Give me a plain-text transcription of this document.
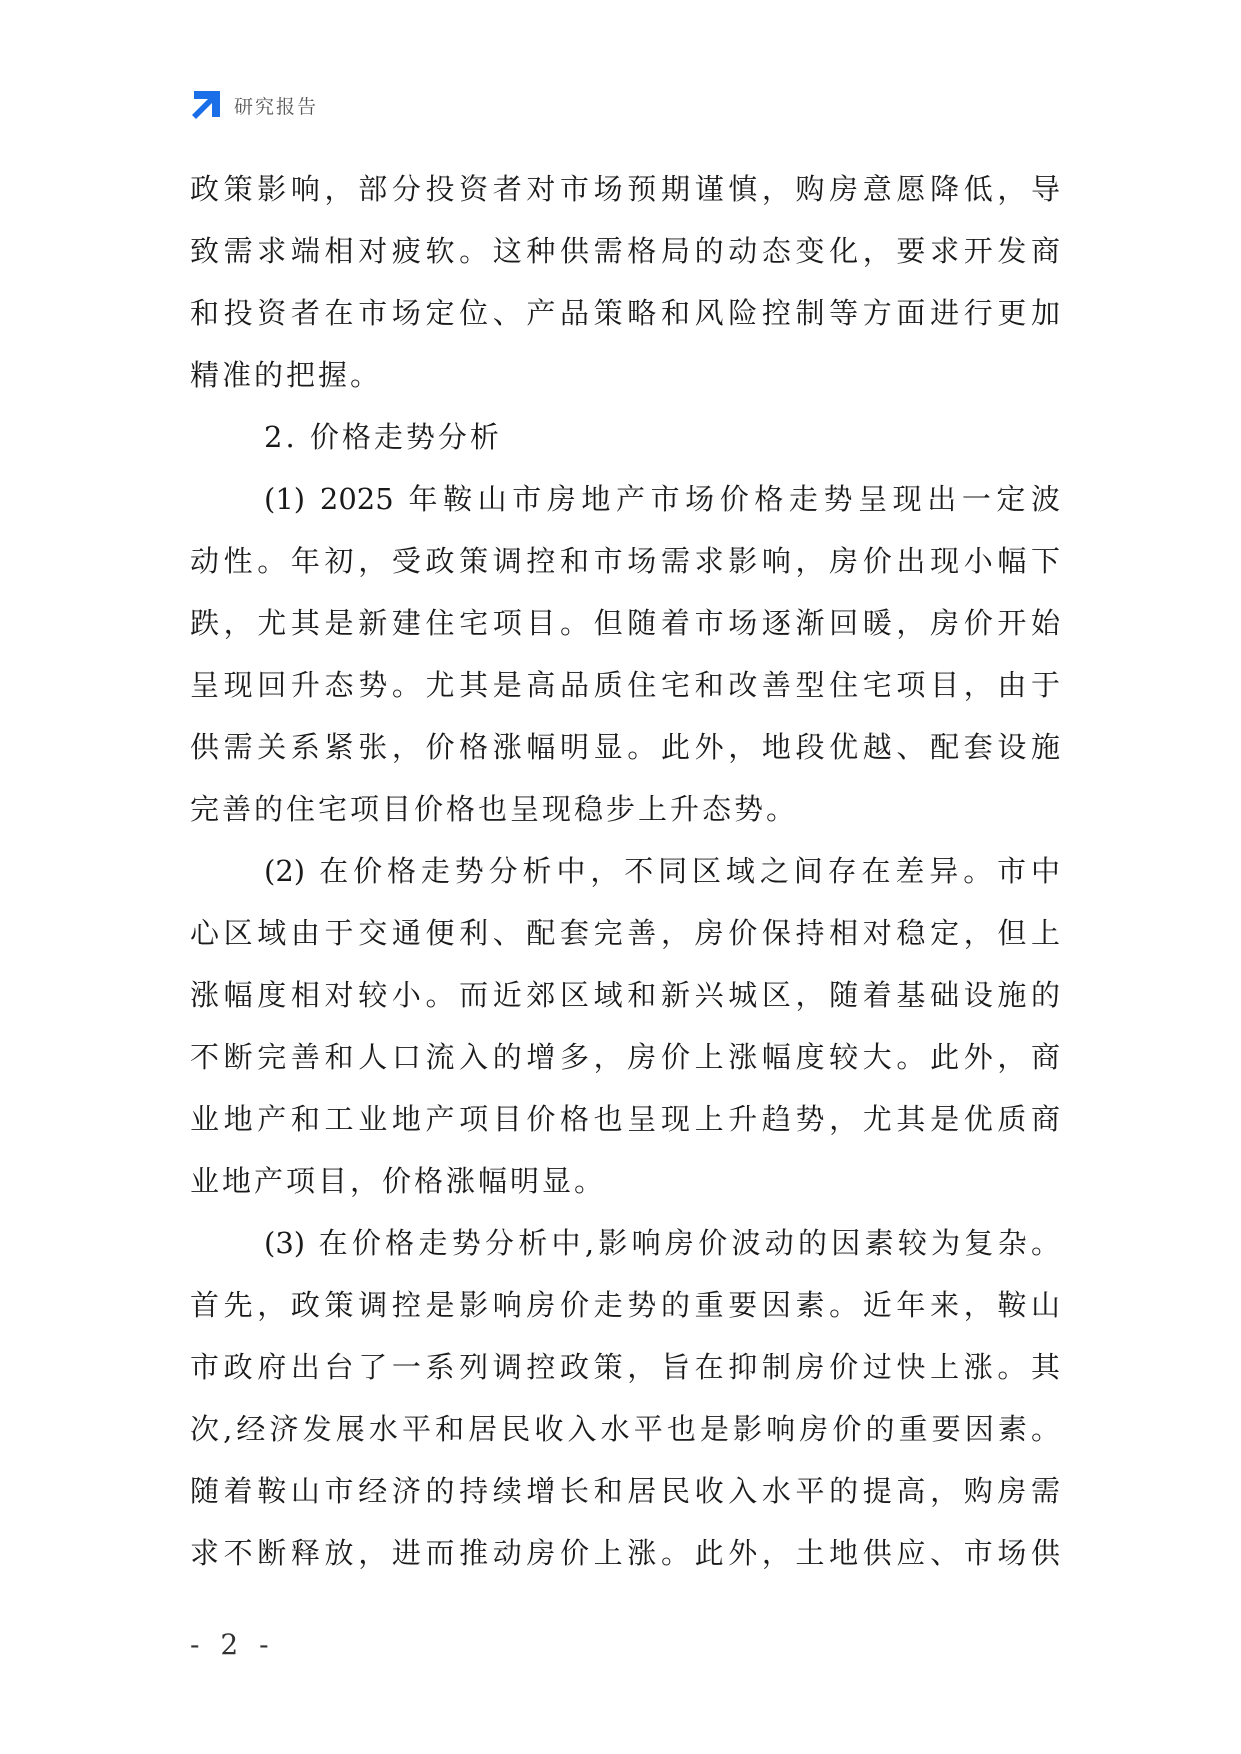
研究报告
政策影响，部分投资者对市场预期谨慎，购房意愿降低，导
致需求端相对疲软。这种供需格局的动态变化，要求开发商
和投资者在市场定位、产品策略和风险控制等方面进行更加
精准的把握。
2. 价格走势分析
(1) 2025 年鞍山市房地产市场价格走势呈现出一定波
动性。年初，受政策调控和市场需求影响，房价出现小幅下
跌，尤其是新建住宅项目。但随着市场逐渐回暖，房价开始
呈现回升态势。尤其是高品质住宅和改善型住宅项目，由于
供需关系紧张，价格涨幅明显。此外，地段优越、配套设施
完善的住宅项目价格也呈现稳步上升态势。
(2) 在价格走势分析中，不同区域之间存在差异。市中
心区域由于交通便利、配套完善，房价保持相对稳定，但上
涨幅度相对较小。而近郊区域和新兴城区，随着基础设施的
不断完善和人口流入的增多，房价上涨幅度较大。此外，商
业地产和工业地产项目价格也呈现上升趋势，尤其是优质商
业地产项目，价格涨幅明显。
(3) 在价格走势分析中,影响房价波动的因素较为复杂。
首先，政策调控是影响房价走势的重要因素。近年来，鞍山
市政府出台了一系列调控政策，旨在抑制房价过快上涨。其
次,经济发展水平和居民收入水平也是影响房价的重要因素。
随着鞍山市经济的持续增长和居民收入水平的提高，购房需
求不断释放，进而推动房价上涨。此外，土地供应、市场供
- 2 -
